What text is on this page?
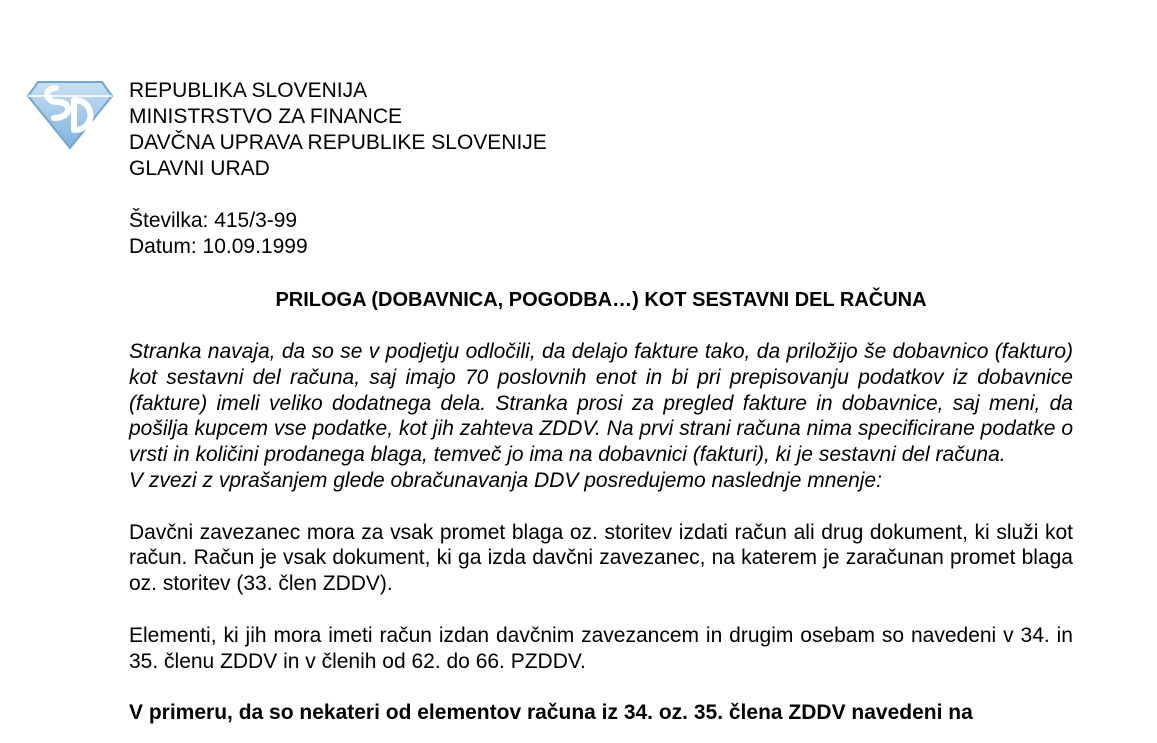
REPUBLIKA SLOVENIJA
MINISTRSTVO ZA FINANCE
DAVČNA UPRAVA REPUBLIKE SLOVENIJE
GLAVNI URAD
Številka: 415/3-99
Datum: 10.09.1999
PRILOGA (DOBAVNICA, POGODBA…) KOT SESTAVNI DEL RAČUNA

Stranka navaja, da so se v podjetju odločili, da delajo fakture tako, da priložijo še dobavnico (fakturo) kot sestavni del računa, saj imajo 70 poslovnih enot in bi pri prepisovanju podatkov iz dobavnice (fakture) imeli veliko dodatnega dela. Stranka prosi za pregled fakture in dobavnice, saj meni, da pošilja kupcem vse podatke, kot jih zahteva ZDDV. Na prvi strani računa nima specificirane podatke o vrsti in količini prodanega blaga, temveč jo ima na dobavnici (fakturi), ki je sestavni del računa.

V zvezi z vprašanjem glede obračunavanja DDV posredujemo naslednje mnenje:

Davčni zavezanec mora za vsak promet blaga oz. storitev izdati račun ali drug dokument, ki služi kot račun. Račun je vsak dokument, ki ga izda davčni zavezanec, na katerem je zaračunan promet blaga oz. storitev (33. člen ZDDV).

Elementi, ki jih mora imeti račun izdan davčnim zavezancem in drugim osebam so navedeni v 34. in 35. členu ZDDV in v členih od 62. do 66. PZDDV.

V primeru, da so nekateri od elementov računa iz 34. oz. 35. člena ZDDV navedeni na
